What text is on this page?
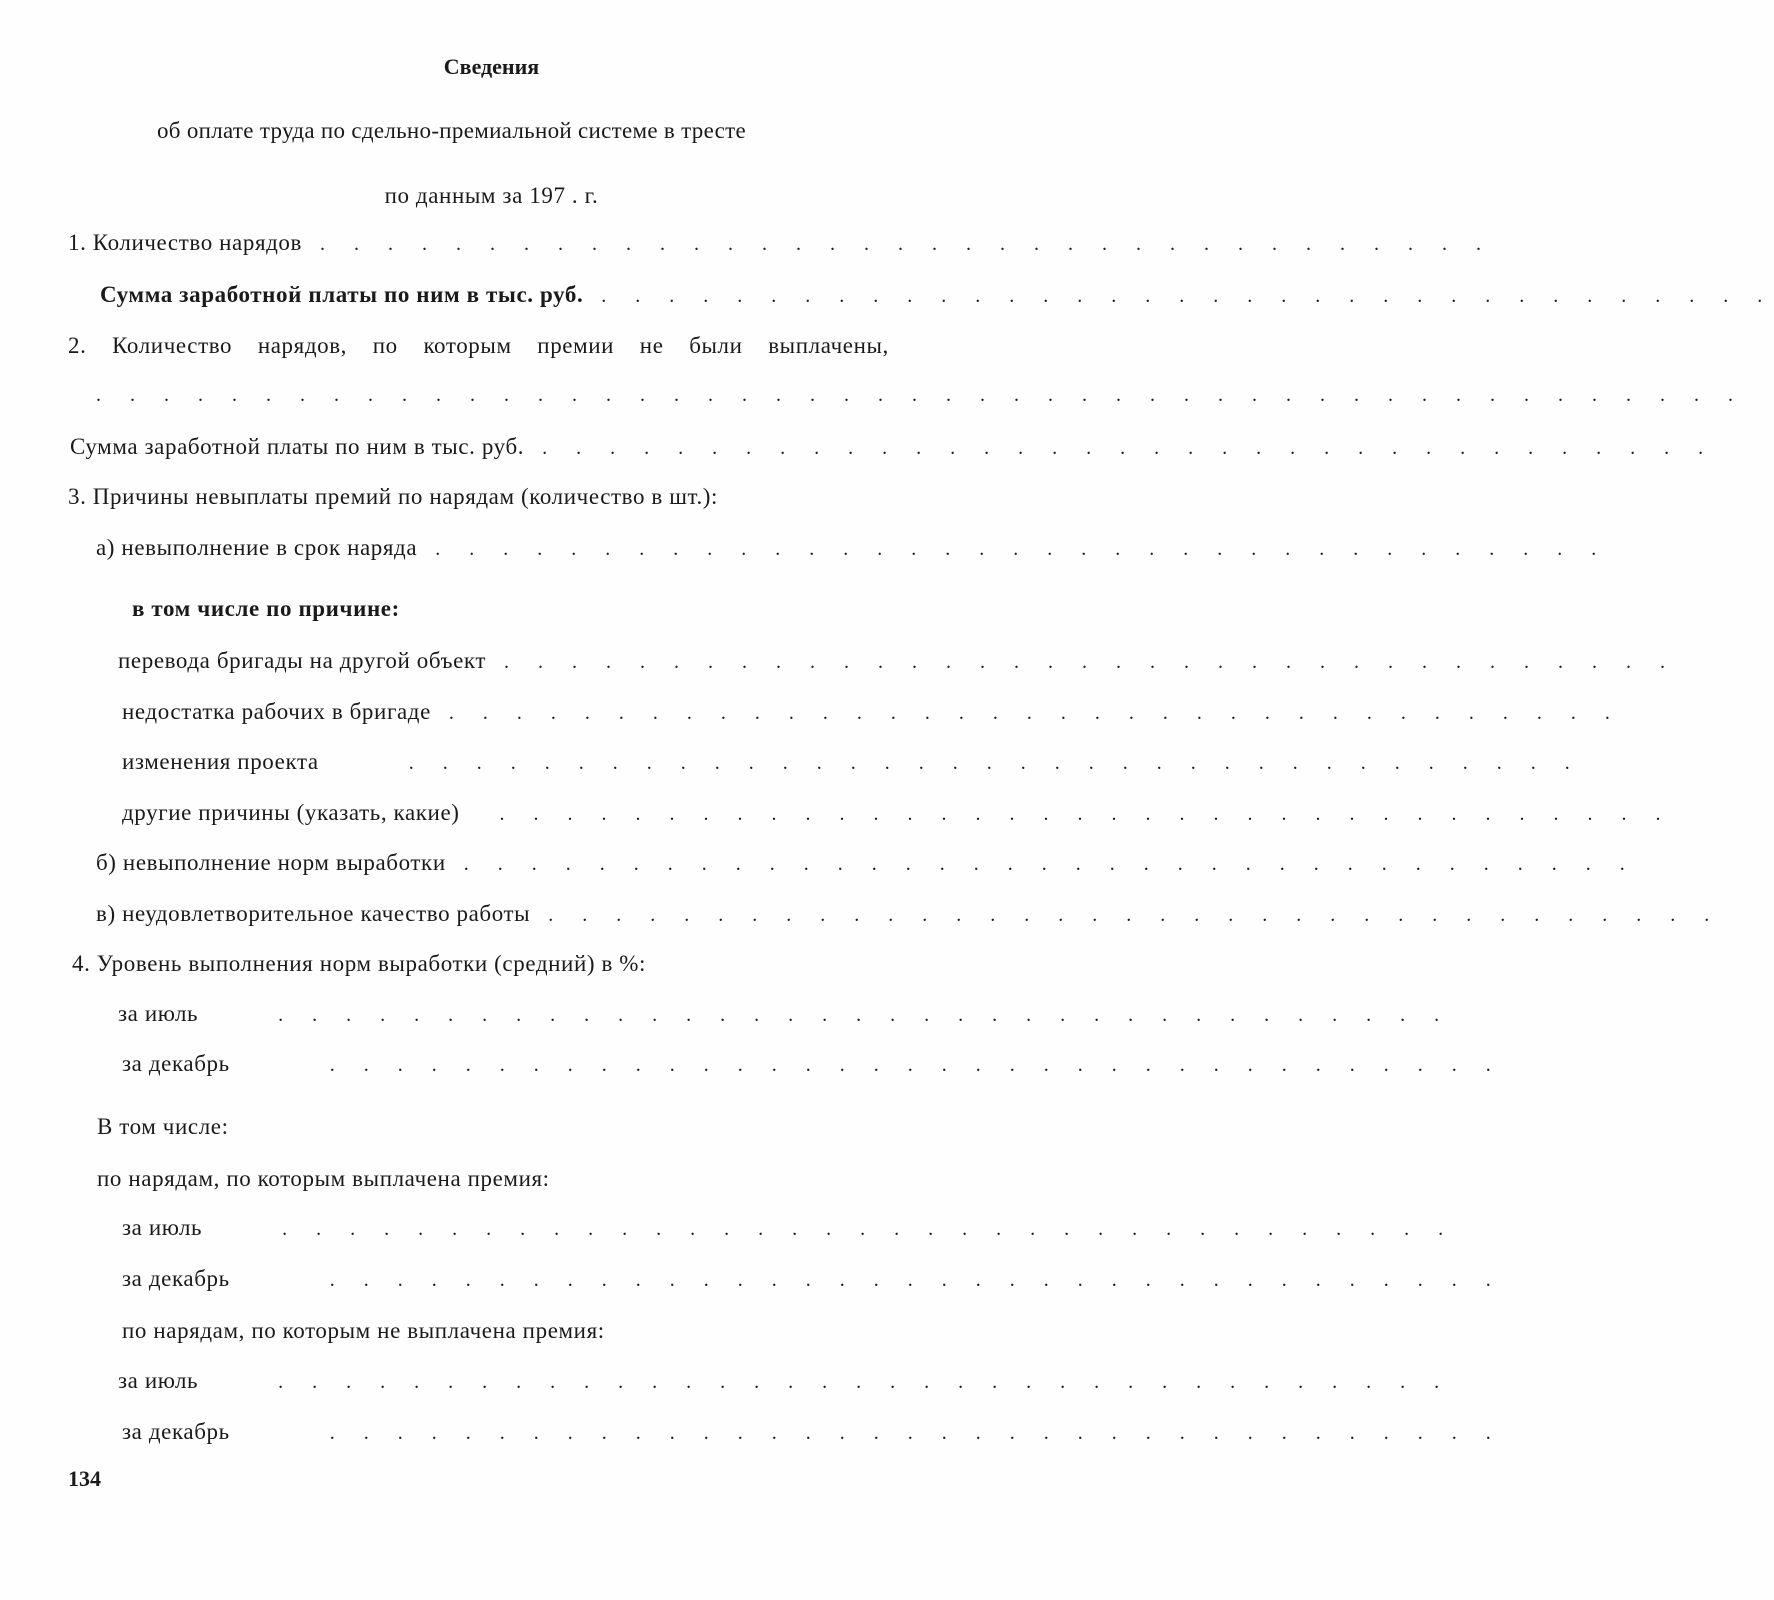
Сведения
об оплате труда по сдельно-премиальной системе в тресте
по данным за 197 . г.
1. Количество нарядов . . . . . . . . . . . . . . . . . . . . . . . . . . . . . . . . . . .
Сумма заработной платы по ним в тыс. руб. . . . . . . . . . . . . . . . . . . . . . . . . . . . . . . . . . . .
2. Количество нарядов, по которым премии не были выплачены,
. . . . . . . . . . . . . . . . . . . . . . . . . . . . . . . . . . . . . . . . . . . . . . . . .
Сумма заработной платы по ним в тыс. руб. . . . . . . . . . . . . . . . . . . . . . . . . . . . . . . . . . . .
3. Причины невыплаты премий по нарядам (количество в шт.):
а) невыполнение в срок наряда . . . . . . . . . . . . . . . . . . . . . . . . . . . . . . . . . . .
в том числе по причине:
перевода бригады на другой объект . . . . . . . . . . . . . . . . . . . . . . . . . . . . . . . . . . .
недостатка рабочих в бригаде . . . . . . . . . . . . . . . . . . . . . . . . . . . . . . . . . . .
изменения проекта	. . . . . . . . . . . . . . . . . . . . . . . . . . . . . . . . . . .
другие причины (указать, какие) . . . . . . . . . . . . . . . . . . . . . . . . . . . . . . . . . . .
б) невыполнение норм выработки . . . . . . . . . . . . . . . . . . . . . . . . . . . . . . . . . . .
в) неудовлетворительное качество работы . . . . . . . . . . . . . . . . . . . . . . . . . . . . . . . . . . .
4. Уровень выполнения норм выработки (средний) в %:
за июль	. . . . . . . . . . . . . . . . . . . . . . . . . . . . . . . . . . .
за декабрь	. . . . . . . . . . . . . . . . . . . . . . . . . . . . . . . . . . .
В том числе:
по нарядам, по которым выплачена премия:
за июль	. . . . . . . . . . . . . . . . . . . . . . . . . . . . . . . . . . .
за декабрь	. . . . . . . . . . . . . . . . . . . . . . . . . . . . . . . . . . .
по нарядам, по которым не выплачена премия:
за июль	. . . . . . . . . . . . . . . . . . . . . . . . . . . . . . . . . . .
за декабрь	. . . . . . . . . . . . . . . . . . . . . . . . . . . . . . . . . . .
134
